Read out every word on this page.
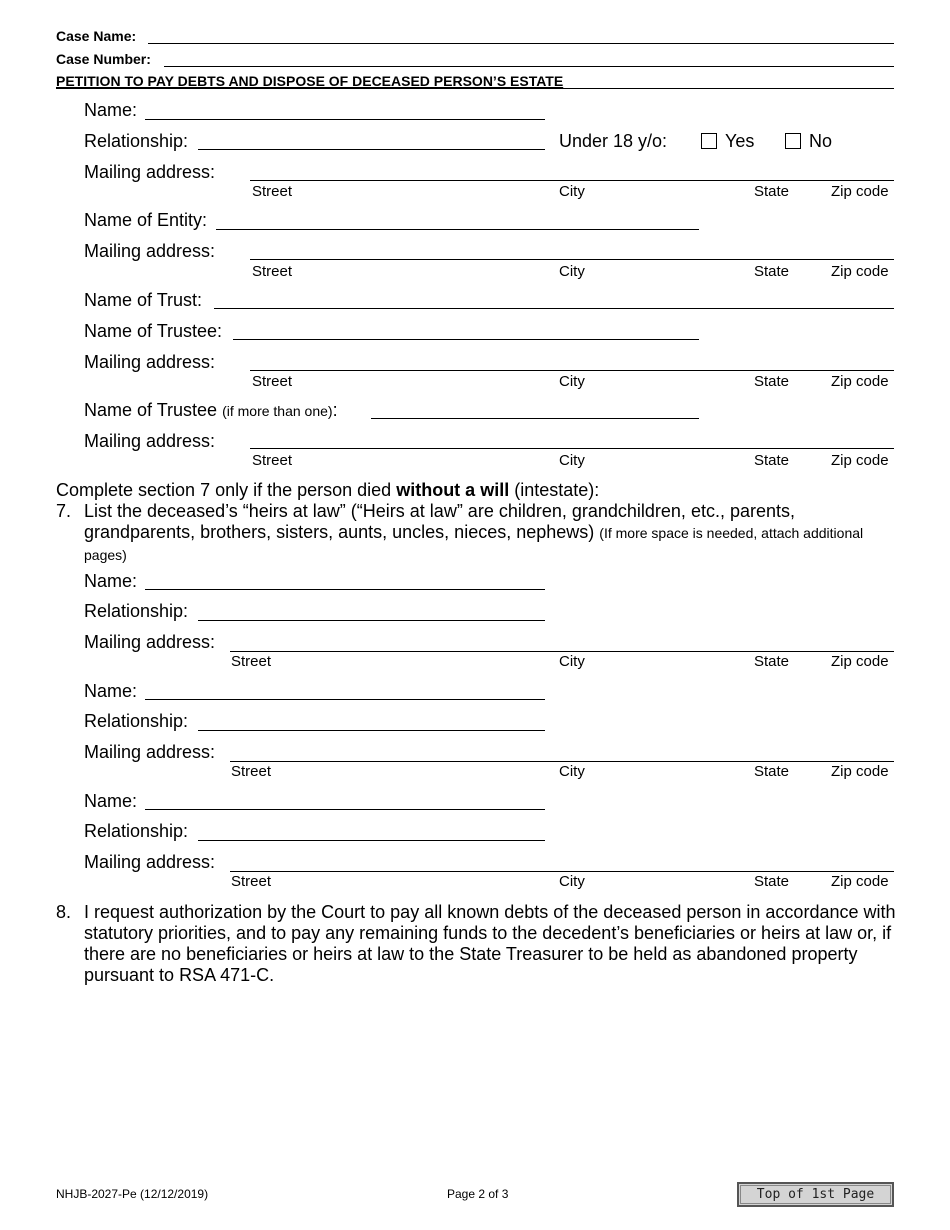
Case Name:
Case Number:
PETITION TO PAY DEBTS AND DISPOSE OF DECEASED PERSON’S ESTATE
Name:
Relationship:	Under 18 y/o:	Yes	No
Mailing address:
Street	City	State	Zip code
Name of Entity:
Mailing address:
Street	City	State	Zip code
Name of Trust:
Name of Trustee:
Mailing address:
Street	City	State	Zip code
Name of Trustee (if more than one):
Mailing address:
Street	City	State	Zip code
Complete section 7 only if the person died without a will (intestate):
7. List the deceased’s “heirs at law” (“Heirs at law” are children, grandchildren, etc., parents, grandparents, brothers, sisters, aunts, uncles, nieces, nephews) (If more space is needed, attach additional pages)
Name:
Relationship:
Mailing address:
Street	City	State	Zip code
Name:
Relationship:
Mailing address:
Street	City	State	Zip code
Name:
Relationship:
Mailing address:
Street	City	State	Zip code
8. I request authorization by the Court to pay all known debts of the deceased person in accordance with statutory priorities, and to pay any remaining funds to the decedent’s beneficiaries or heirs at law or, if there are no beneficiaries or heirs at law to the State Treasurer to be held as abandoned property pursuant to RSA 471-C.
NHJB-2027-Pe (12/12/2019)	Page 2 of 3	Top of 1st Page
